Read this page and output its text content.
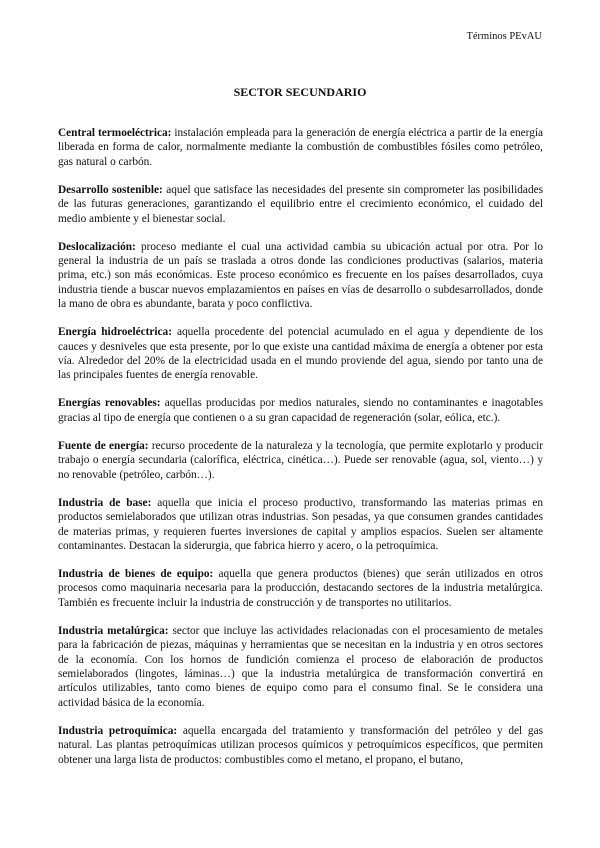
Términos PEvAU
SECTOR SECUNDARIO

Central termoeléctrica: instalación empleada para la generación de energía eléctrica a partir de la energía liberada en forma de calor, normalmente mediante la combustión de combustibles fósiles como petróleo, gas natural o carbón.

Desarrollo sostenible: aquel que satisface las necesidades del presente sin comprometer las posibilidades de las futuras generaciones, garantizando el equilibrio entre el crecimiento económico, el cuidado del medio ambiente y el bienestar social.

Deslocalización: proceso mediante el cual una actividad cambia su ubicación actual por otra. Por lo general la industria de un país se traslada a otros donde las condiciones productivas (salarios, materia prima, etc.) son más económicas. Este proceso económico es frecuente en los países desarrollados, cuya industria tiende a buscar nuevos emplazamientos en países en vías de desarrollo o subdesarrollados, donde la mano de obra es abundante, barata y poco conflictiva.

Energía hidroeléctrica: aquella procedente del potencial acumulado en el agua y dependiente de los cauces y desniveles que esta presente, por lo que existe una cantidad máxima de energía a obtener por esta vía. Alrededor del 20% de la electricidad usada en el mundo proviende del agua, siendo por tanto una de las principales fuentes de energía renovable.

Energías renovables: aquellas producidas por medios naturales, siendo no contaminantes e inagotables gracias al tipo de energía que contienen o a su gran capacidad de regeneración (solar, eólica, etc.).

Fuente de energía: recurso procedente de la naturaleza y la tecnología, que permite explotarlo y producir trabajo o energía secundaria (calorífica, eléctrica, cinética…). Puede ser renovable (agua, sol, viento…) y no renovable (petróleo, carbón…).

Industria de base: aquella que inicia el proceso productivo, transformando las materias primas en productos semielaborados que utilizan otras industrias. Son pesadas, ya que consumen grandes cantidades de materias primas, y requieren fuertes inversiones de capital y amplios espacios. Suelen ser altamente contaminantes. Destacan la siderurgia, que fabrica hierro y acero, o la petroquímica.

Industria de bienes de equipo: aquella que genera productos (bienes) que serán utilizados en otros procesos como maquinaria necesaria para la producción, destacando sectores de la industria metalúrgica. También es frecuente incluir la industria de construcción y de transportes no utilitarios.

Industria metalúrgica: sector que incluye las actividades relacionadas con el procesamiento de metales para la fabricación de piezas, máquinas y herramientas que se necesitan en la industria y en otros sectores de la economía. Con los hornos de fundición comienza el proceso de elaboración de productos semielaborados (lingotes, láminas…) que la industria metalúrgica de transformación convertirá en artículos utilizables, tanto como bienes de equipo como para el consumo final. Se le considera una actividad básica de la economía.

Industria petroquímica: aquella encargada del tratamiento y transformación del petróleo y del gas natural. Las plantas petroquímicas utilizan procesos químicos y petroquímicos específicos, que permiten obtener una larga lista de productos: combustibles como el metano, el propano, el butano,
